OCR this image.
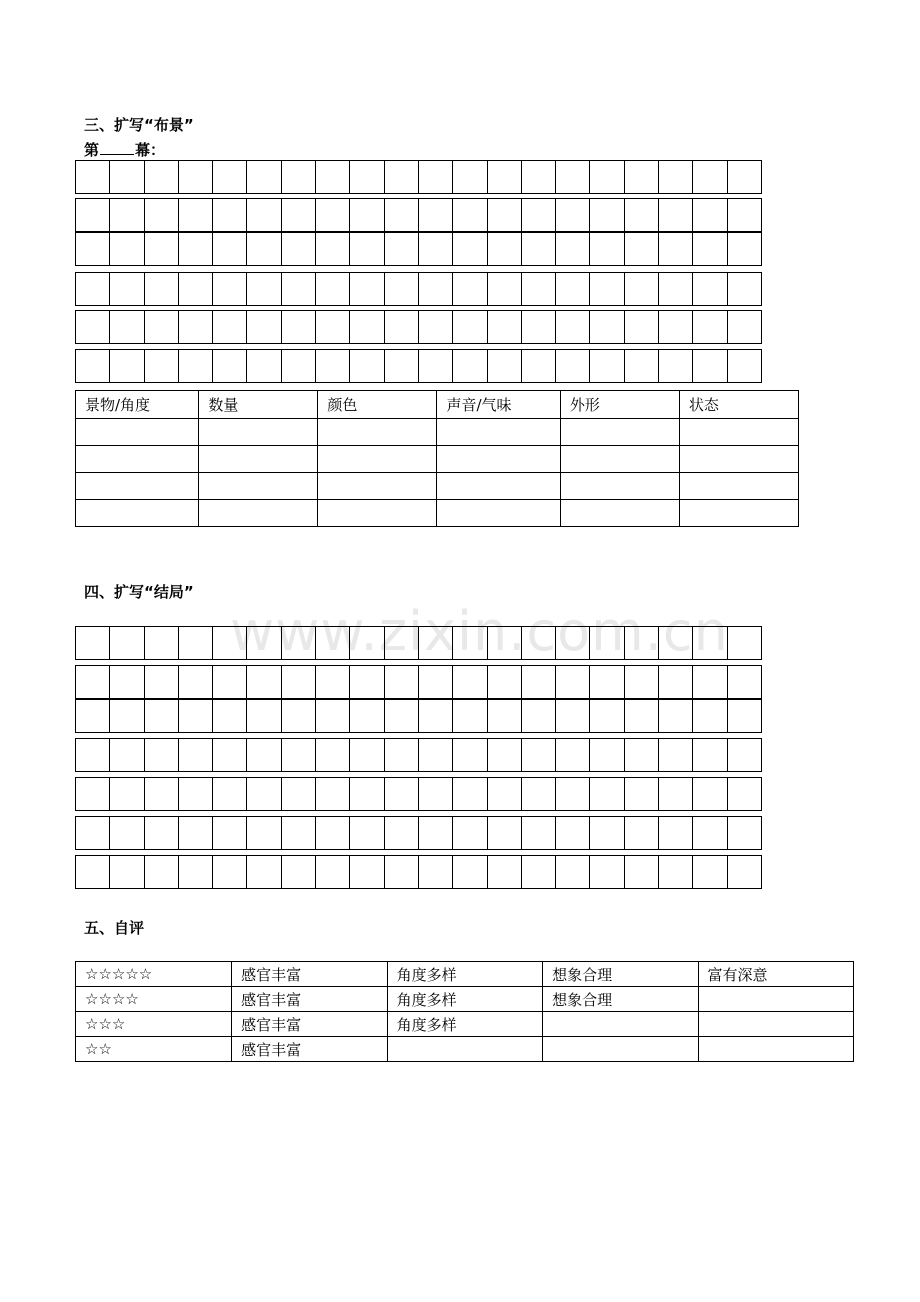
www.zixin.com.cn
三、扩写“布景”
第 幕：
景物/角度	数量	颜色	声音/气味	外形	状态

四、扩写“结局”
五、自评
☆☆☆☆☆	感官丰富	角度多样	想象合理	富有深意
☆☆☆☆	感官丰富	角度多样	想象合理	
☆☆☆	感官丰富	角度多样		
☆☆	感官丰富			
